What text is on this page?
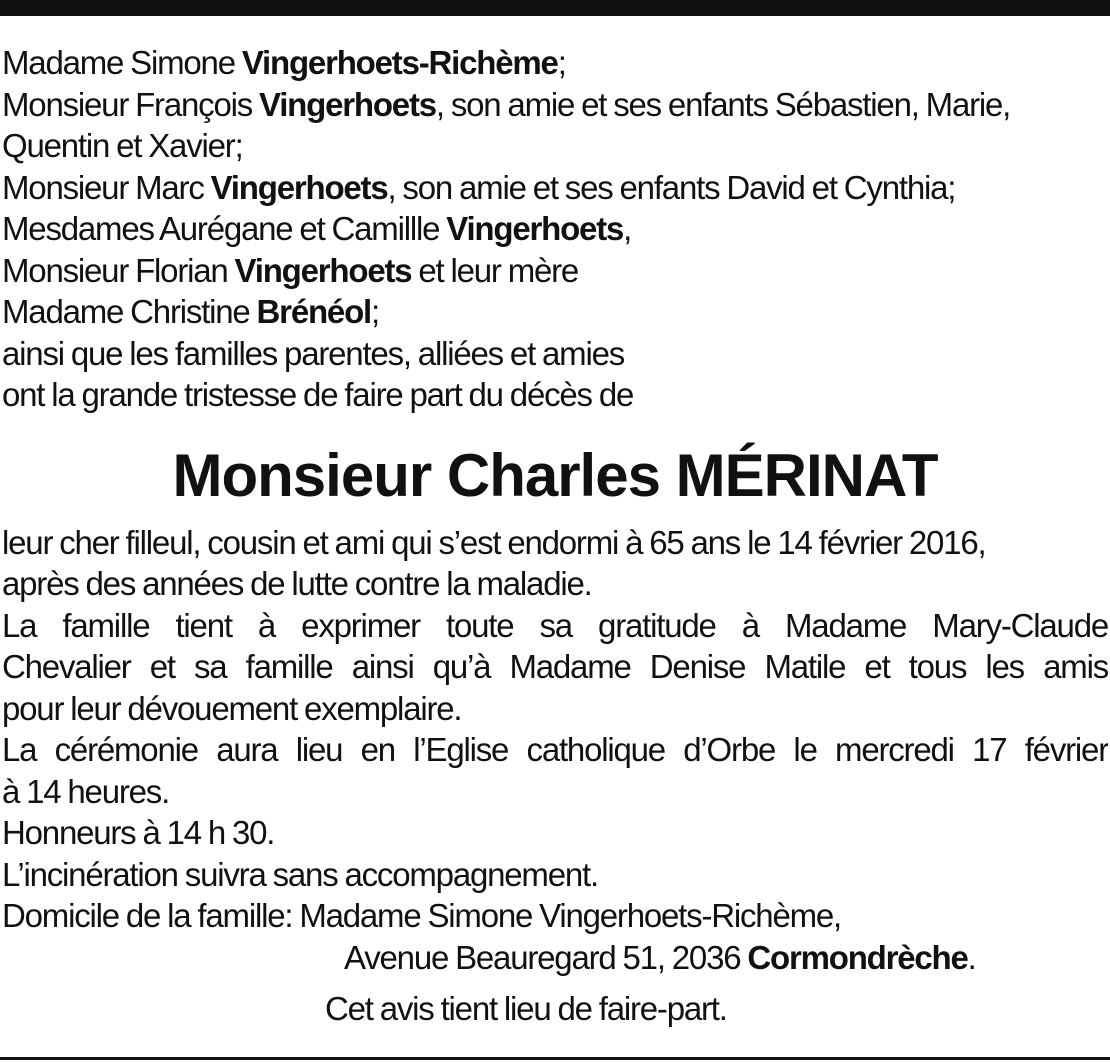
Madame Simone Vingerhoets-Richème;
Monsieur François Vingerhoets, son amie et ses enfants Sébastien, Marie,
Quentin et Xavier;
Monsieur Marc Vingerhoets, son amie et ses enfants David et Cynthia;
Mesdames Aurégane et Camillle Vingerhoets,
Monsieur Florian Vingerhoets et leur mère
Madame Christine Brénéol;
ainsi que les familles parentes, alliées et amies
ont la grande tristesse de faire part du décès de
Monsieur Charles MÉRINAT
leur cher filleul, cousin et ami qui s’est endormi à 65 ans le 14 février 2016,
après des années de lutte contre la maladie.
La famille tient à exprimer toute sa gratitude à Madame Mary-Claude
Chevalier et sa famille ainsi qu’à Madame Denise Matile et tous les amis
pour leur dévouement exemplaire.
La cérémonie aura lieu en l’Eglise catholique d’Orbe le mercredi 17 février
à 14 heures.
Honneurs à 14 h 30.
L’incinération suivra sans accompagnement.
Domicile de la famille: Madame Simone Vingerhoets-Richème,
Avenue Beauregard 51, 2036 Cormondrèche.
Cet avis tient lieu de faire-part.
